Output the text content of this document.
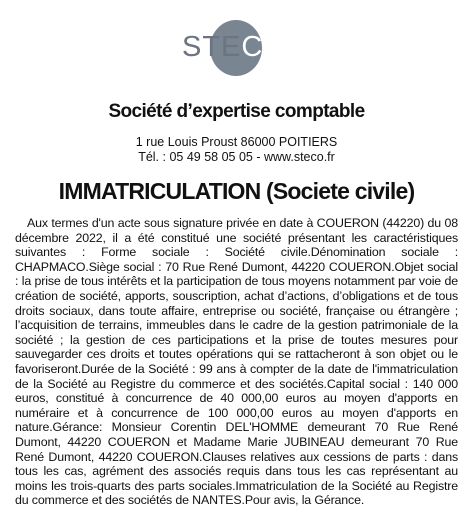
STECO
Société d’expertise comptable
1 rue Louis Proust 86000 POITIERS
Tél. : 05 49 58 05 05 - www.steco.fr
IMMATRICULATION (Societe civile)
Aux termes d'un acte sous signature privée en date à COUERON (44220) du 08 décembre 2022, il a été constitué une société présentant les caractéristiques suivantes : Forme sociale : Société civile.Dénomination sociale : CHAPMACO.Siège social : 70 Rue René Dumont, 44220 COUERON.Objet social : la prise de tous intérêts et la participation de tous moyens notamment par voie de création de société, apports, souscription, achat d’actions, d’obligations et de tous droits sociaux, dans toute affaire, entreprise ou société, française ou étrangère ; l’acquisition de terrains, immeubles dans le cadre de la gestion patrimoniale de la société ; la gestion de ces participations et la prise de toutes mesures pour sauvegarder ces droits et toutes opérations qui se rattacheront à son objet ou le favoriseront.Durée de la Société : 99 ans à compter de la date de l'immatriculation de la Société au Registre du commerce et des sociétés.Capital social : 140 000 euros, constitué à concurrence de 40 000,00 euros au moyen d'apports en numéraire et à concurrence de 100 000,00 euros au moyen d'apports en nature.Gérance: Monsieur Corentin DEL'HOMME demeurant 70 Rue René Dumont, 44220 COUERON et Madame Marie JUBINEAU demeurant 70 Rue René Dumont, 44220 COUERON.Clauses relatives aux cessions de parts : dans tous les cas, agrément des associés requis dans tous les cas représentant au moins les trois-quarts des parts sociales.Immatriculation de la Société au Registre du commerce et des sociétés de NANTES.Pour avis, la Gérance.
